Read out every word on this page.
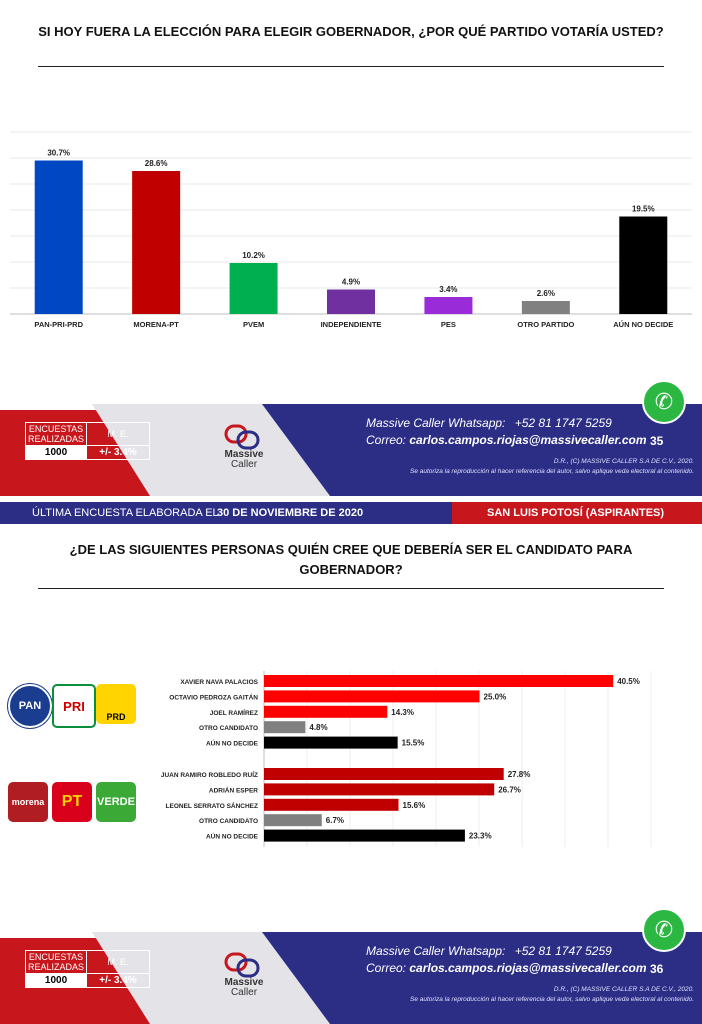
SI HOY FUERA LA ELECCIÓN PARA ELEGIR GOBERNADOR, ¿POR QUÉ PARTIDO VOTARÍA USTED?
30.7%
PAN-PRI-PRD
28.6%
MORENA-PT
10.2%
PVEM
4.9%
INDEPENDIENTE
3.4%
PES
2.6%
OTRO PARTIDO
19.5%
AÚN NO DECIDE
ENCUESTAS REALIZADAS	M. E.
1000	+/- 3.4%	Massive
Caller
Massive Caller Whatsapp: +52 81 1747 5259
Correo: carlos.campos.riojas@massivecaller.com 35
D.R., (C) MASSIVE CALLER S.A DE C.V., 2020.
Se autoriza la reproducción al hacer referencia del autor, salvo aplique veda electoral al contenido.
✆
ÚLTIMA ENCUESTA ELABORADA EL
30 DE NOVIEMBRE DE 2020	SAN LUIS POTOSÍ (ASPIRANTES)
¿DE LAS SIGUIENTES PERSONAS QUIÉN CREE QUE DEBERÍA SER EL CANDIDATO PARA GOBERNADOR?
PAN	PRI
PRD
morena	PT	VERDE
XAVIER NAVA PALACIOS	40.5%
OCTAVIO PEDROZA GAITÁN	25.0%
JOEL RAMÍREZ	14.3%
OTRO CANDIDATO	4.8%
AÚN NO DECIDE	15.5%
JUAN RAMIRO ROBLEDO RUÍZ	27.8%
ADRIÁN ESPER	26.7%
LEONEL SERRATO SÁNCHEZ	15.6%
OTRO CANDIDATO	6.7%
AÚN NO DECIDE	23.3%
ENCUESTAS REALIZADAS	M. E.
1000	+/- 3.4%	Massive
Caller
Massive Caller Whatsapp: +52 81 1747 5259
Correo: carlos.campos.riojas@massivecaller.com 36
D.R., (C) MASSIVE CALLER S.A DE C.V., 2020.
Se autoriza la reproducción al hacer referencia del autor, salvo aplique veda electoral al contenido.
✆
